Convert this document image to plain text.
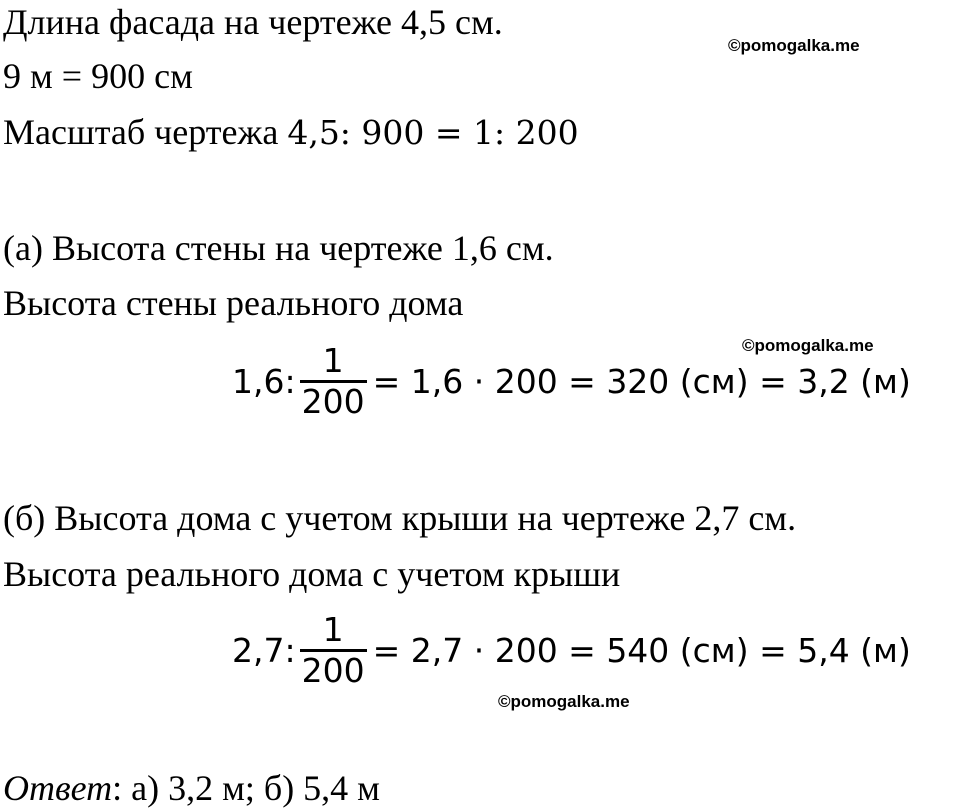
Длина фасада на чертеже 4,5 см.
©pomogalka.me
9 м = 900 см
Масштаб чертежа 4,5: 900 = 1: 200
(а) Высота стены на чертеже 1,6 см.
Высота стены реального дома
©pomogalka.me
1,6: $\frac{1}{200} = 1,6 \cdot 200 = 320$ (см) = 3,2 (м)
(б) Высота дома с учетом крыши на чертеже 2,7 см.
Высота реального дома с учетом крыши
2,7: $\frac{1}{200} = 2,7 \cdot 200 = 540$ (см) = 5,4 (м)
©pomogalka.me
Ответ: а) 3,2 м; б) 5,4 м
